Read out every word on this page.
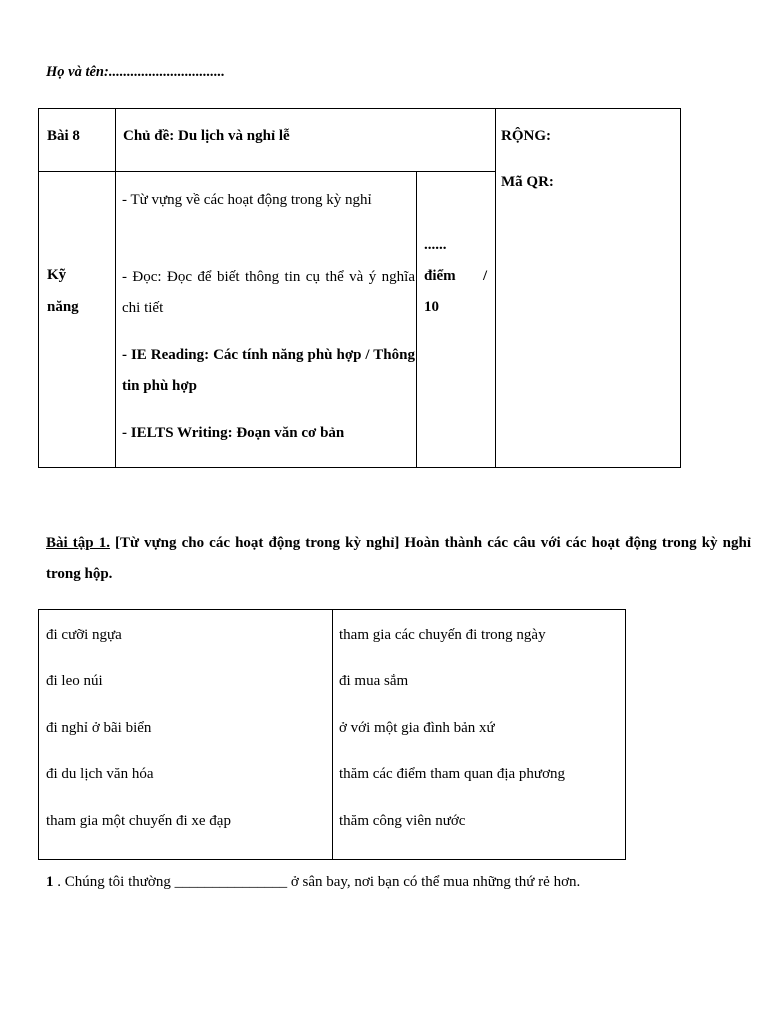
Họ và tên:................................
Bài 8	Chủ đề: Du lịch và nghỉ lễ	RỘNG:
Mã QR:
Kỹ
năng
- Từ vựng về các hoạt động trong kỳ nghỉ
- Đọc: Đọc để biết thông tin cụ thể và ý nghĩa chi tiết
- IE Reading: Các tính năng phù hợp / Thông tin phù hợp
- IELTS Writing: Đoạn văn cơ bản
......
điểm /
10
Bài tập 1. [Từ vựng cho các hoạt động trong kỳ nghỉ] Hoàn thành các câu với các hoạt động trong kỳ nghỉ trong hộp.
đi cưỡi ngựa
đi leo núi
đi nghỉ ở bãi biển
đi du lịch văn hóa
tham gia một chuyến đi xe đạp
tham gia các chuyến đi trong ngày
đi mua sắm
ở với một gia đình bản xứ
thăm các điểm tham quan địa phương
thăm công viên nước
1 . Chúng tôi thường _______________ ở sân bay, nơi bạn có thể mua những thứ rẻ hơn.
